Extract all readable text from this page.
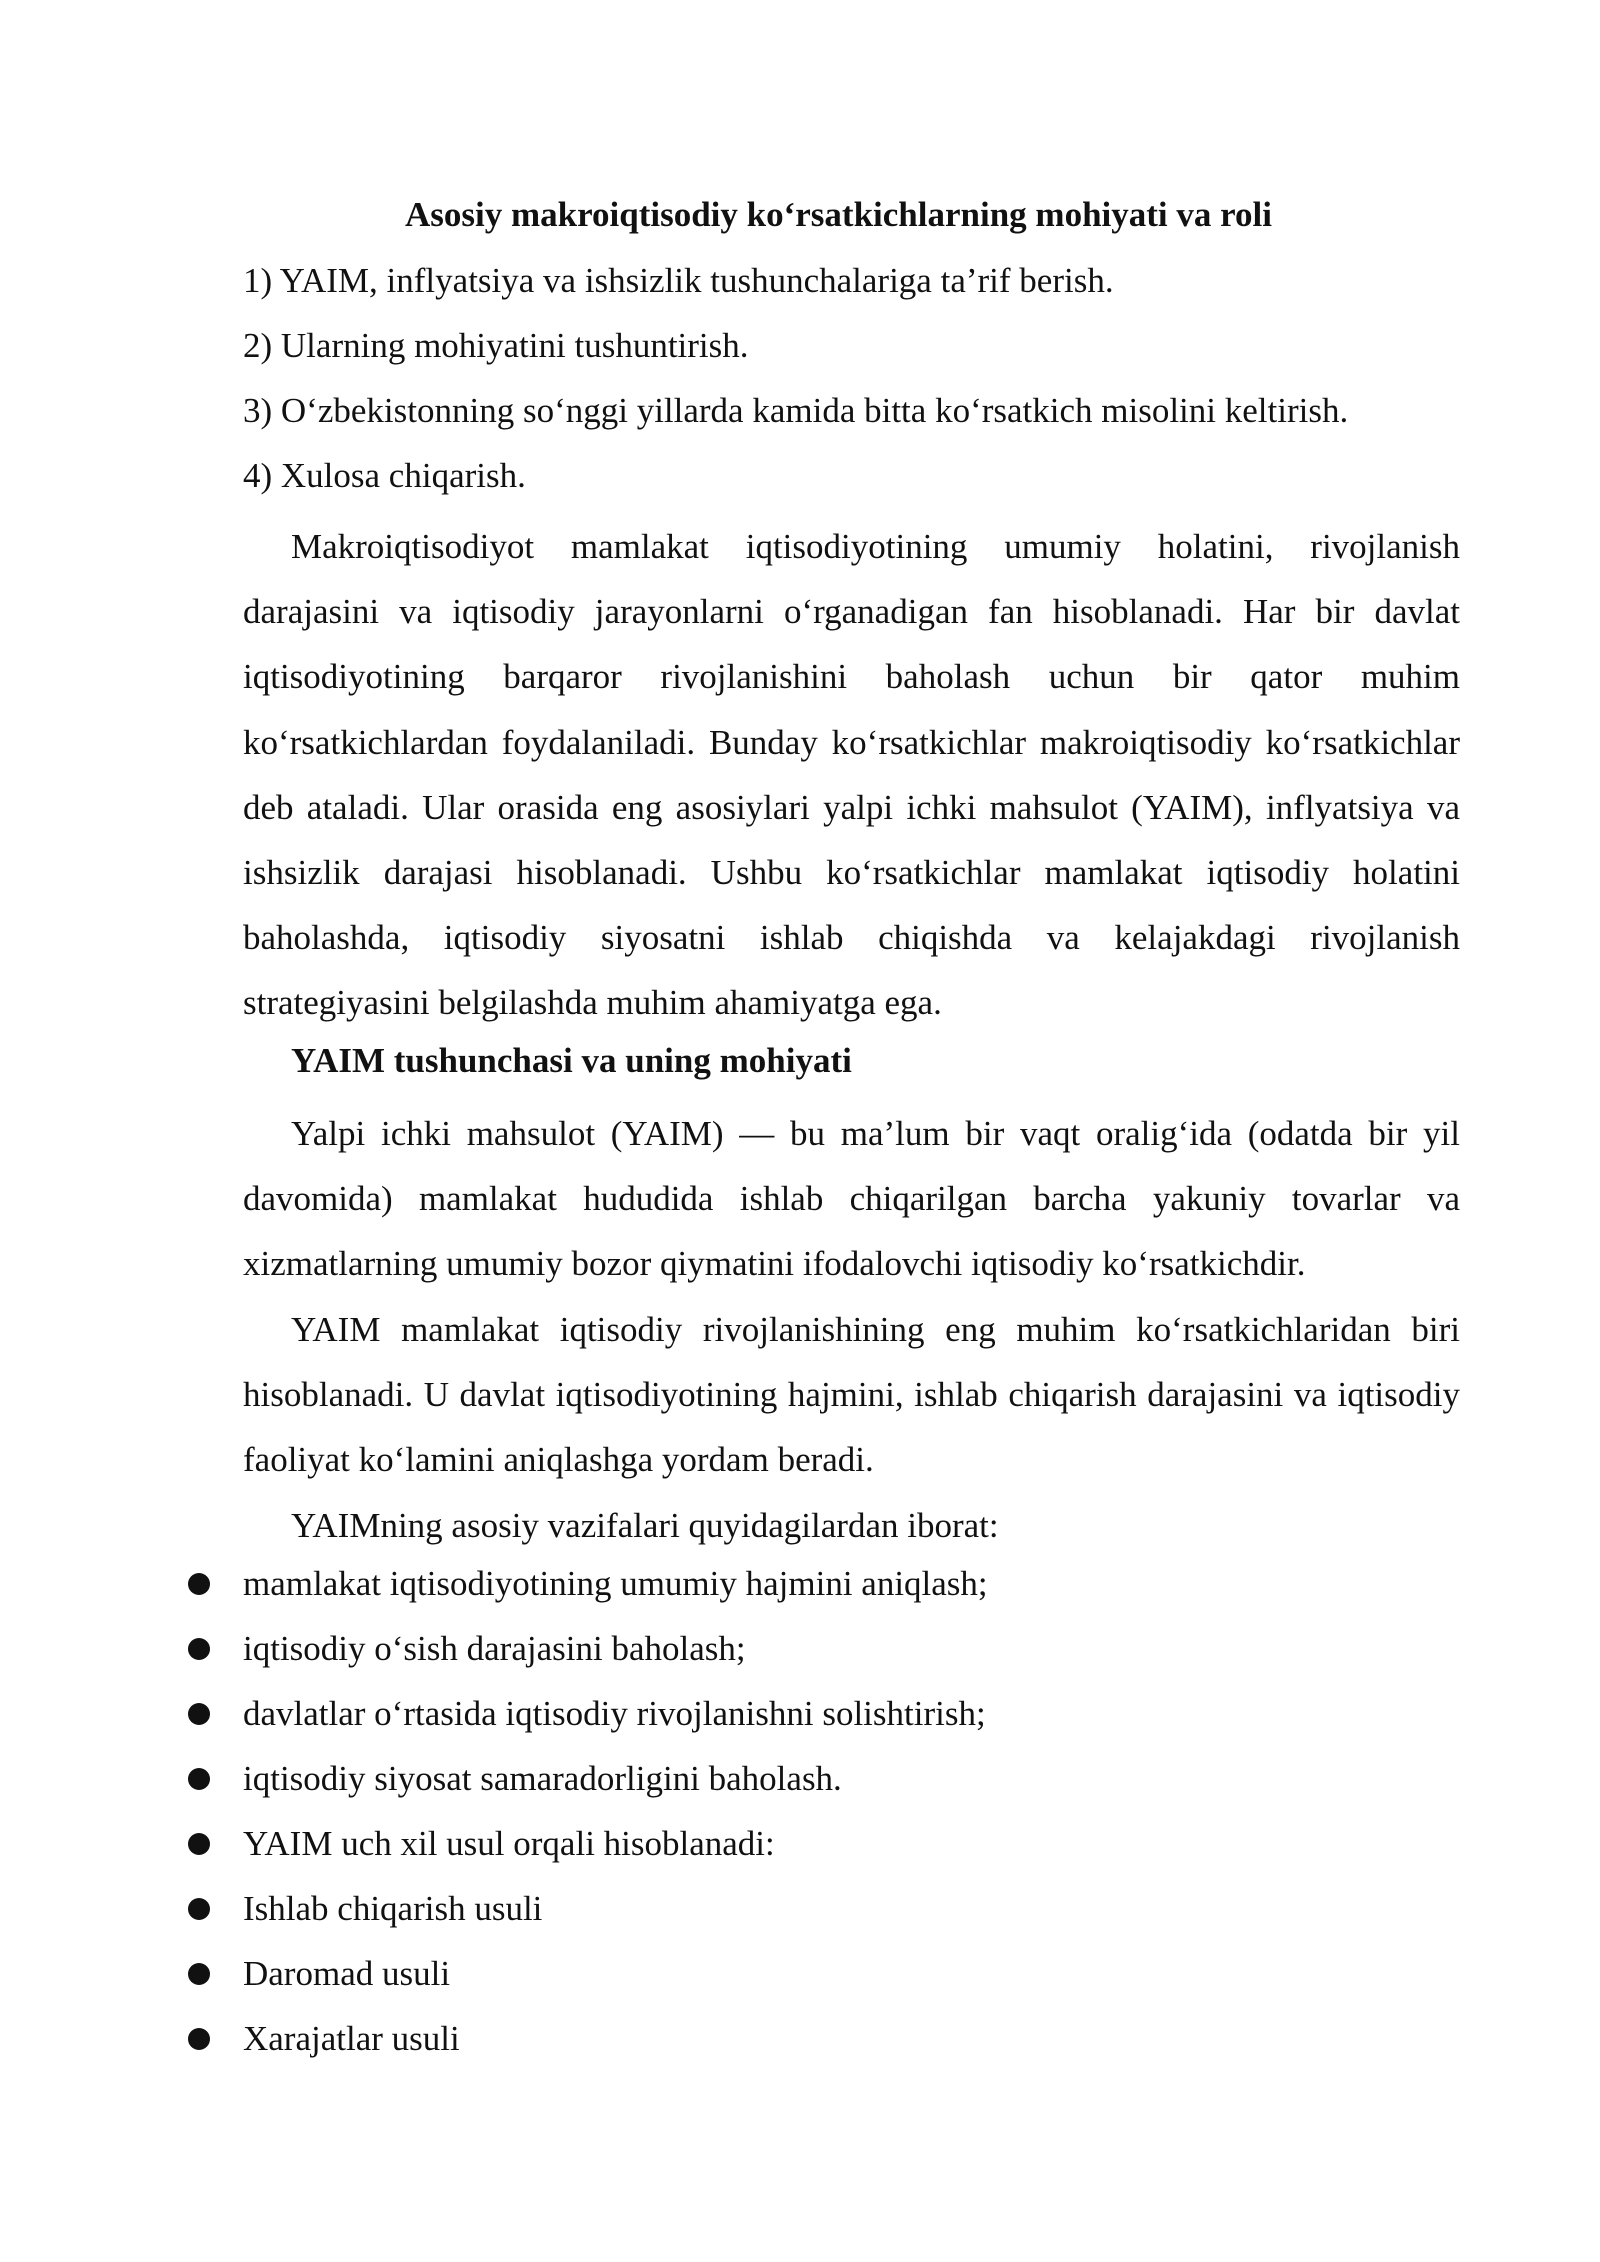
Asosiy makroiqtisodiy ko‘rsatkichlarning mohiyati va roli
1) YAIM, inflyatsiya va ishsizlik tushunchalariga ta’rif berish.
2) Ularning mohiyatini tushuntirish.
3) O‘zbekistonning so‘nggi yillarda kamida bitta ko‘rsatkich misolini keltirish.
4) Xulosa chiqarish.

Makroiqtisodiyot mamlakat iqtisodiyotining umumiy holatini, rivojlanish darajasini va iqtisodiy jarayonlarni o‘rganadigan fan hisoblanadi. Har bir davlat iqtisodiyotining barqaror rivojlanishini baholash uchun bir qator muhim ko‘rsatkichlardan foydalaniladi. Bunday ko‘rsatkichlar makroiqtisodiy ko‘rsatkichlar deb ataladi. Ular orasida eng asosiylari yalpi ichki mahsulot (YAIM), inflyatsiya va ishsizlik darajasi hisoblanadi. Ushbu ko‘rsatkichlar mamlakat iqtisodiy holatini baholashda, iqtisodiy siyosatni ishlab chiqishda va kelajakdagi rivojlanish strategiyasini belgilashda muhim ahamiyatga ega.

YAIM tushunchasi va uning mohiyati

Yalpi ichki mahsulot (YAIM) — bu ma’lum bir vaqt oralig‘ida (odatda bir yil davomida) mamlakat hududida ishlab chiqarilgan barcha yakuniy tovarlar va xizmatlarning umumiy bozor qiymatini ifodalovchi iqtisodiy ko‘rsatkichdir.

YAIM mamlakat iqtisodiy rivojlanishining eng muhim ko‘rsatkichlaridan biri hisoblanadi. U davlat iqtisodiyotining hajmini, ishlab chiqarish darajasini va iqtisodiy faoliyat ko‘lamini aniqlashga yordam beradi.

YAIMning asosiy vazifalari quyidagilardan iborat:

mamlakat iqtisodiyotining umumiy hajmini aniqlash;
iqtisodiy o‘sish darajasini baholash;
davlatlar o‘rtasida iqtisodiy rivojlanishni solishtirish;
iqtisodiy siyosat samaradorligini baholash.
YAIM uch xil usul orqali hisoblanadi:
Ishlab chiqarish usuli
Daromad usuli
Xarajatlar usuli
